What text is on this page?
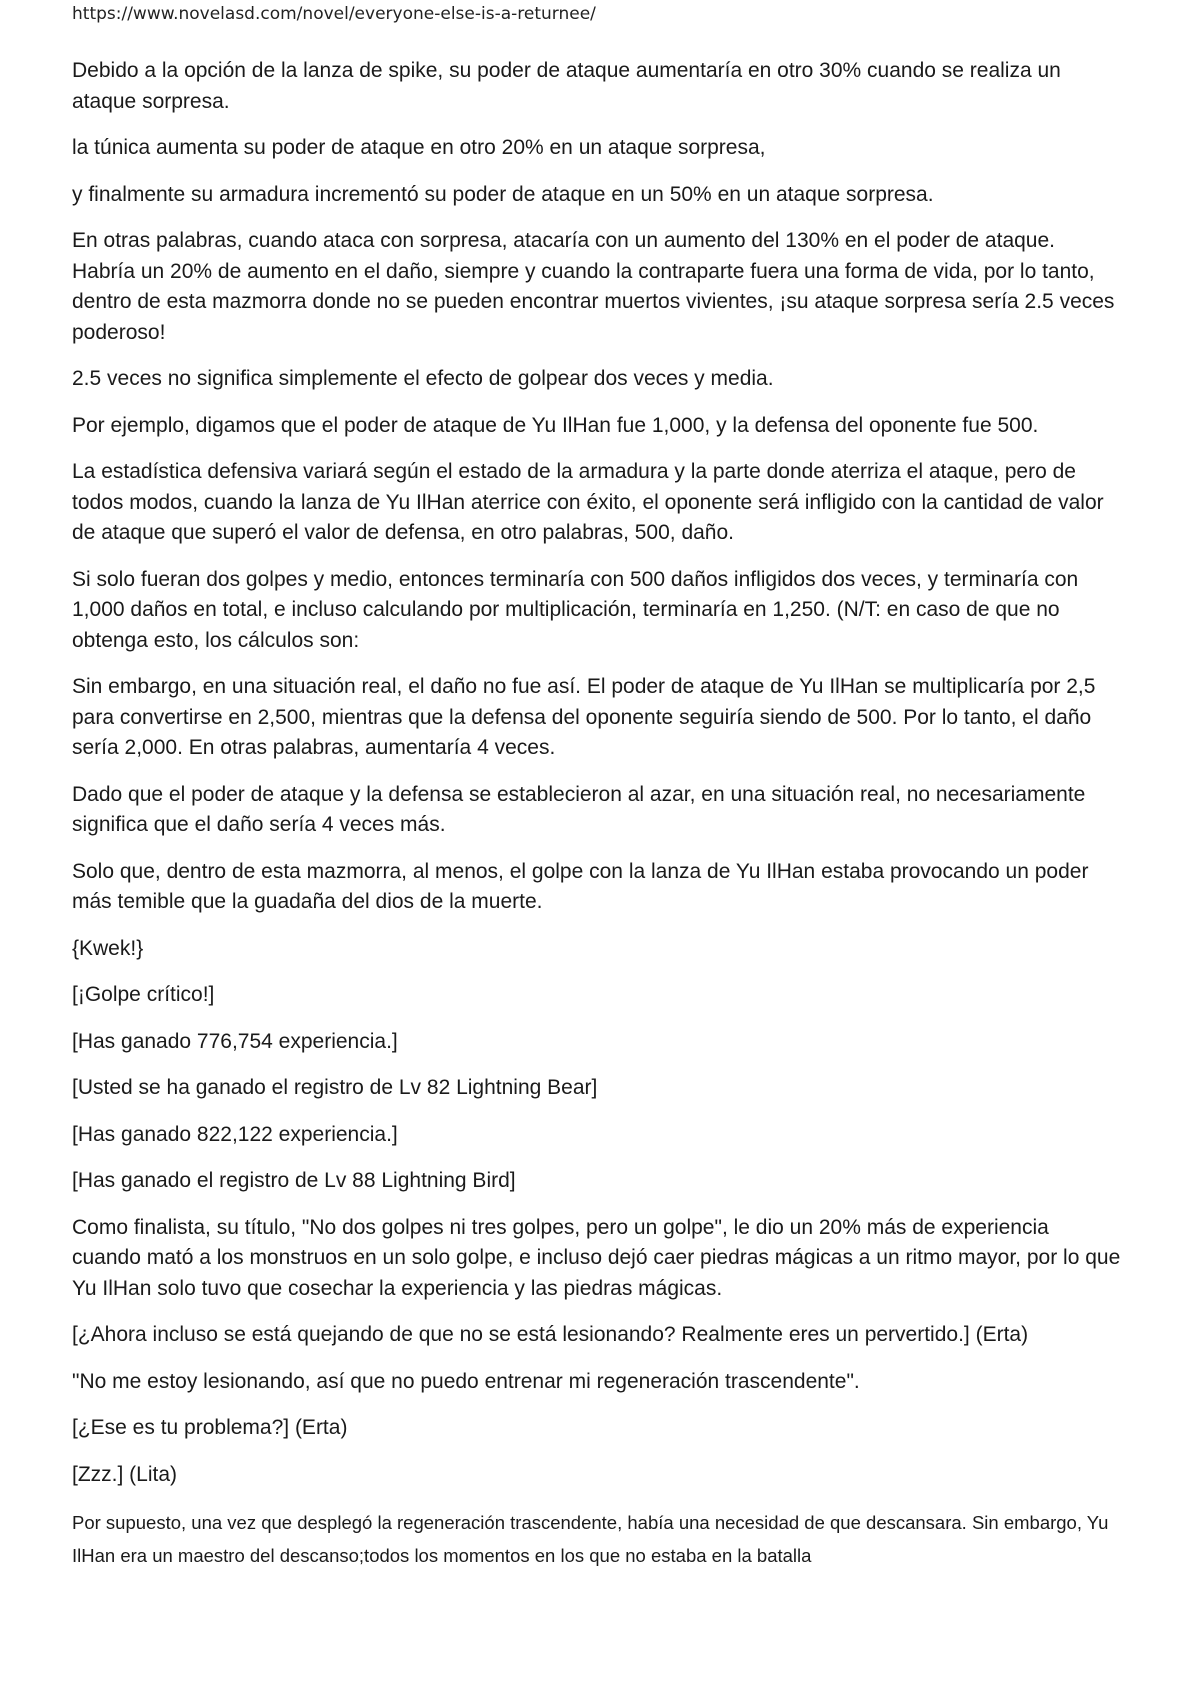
https://www.novelasd.com/novel/everyone-else-is-a-returnee/

Debido a la opción de la lanza de spike, su poder de ataque aumentaría en otro 30% cuando se realiza un ataque sorpresa.

la túnica aumenta su poder de ataque en otro 20% en un ataque sorpresa,

y finalmente su armadura incrementó su poder de ataque en un 50% en un ataque sorpresa.

En otras palabras, cuando ataca con sorpresa, atacaría con un aumento del 130% en el poder de ataque. Habría un 20% de aumento en el daño, siempre y cuando la contraparte fuera una forma de vida, por lo tanto, dentro de esta mazmorra donde no se pueden encontrar muertos vivientes, ¡su ataque sorpresa sería 2.5 veces poderoso!

2.5 veces no significa simplemente el efecto de golpear dos veces y media.

Por ejemplo, digamos que el poder de ataque de Yu IlHan fue 1,000, y la defensa del oponente fue 500.

La estadística defensiva variará según el estado de la armadura y la parte donde aterriza el ataque, pero de todos modos, cuando la lanza de Yu IlHan aterrice con éxito, el oponente será infligido con la cantidad de valor de ataque que superó el valor de defensa, en otro palabras, 500, daño.

Si solo fueran dos golpes y medio, entonces terminaría con 500 daños infligidos dos veces, y terminaría con 1,000 daños en total, e incluso calculando por multiplicación, terminaría en 1,250. (N/T: en caso de que no obtenga esto, los cálculos son:

Sin embargo, en una situación real, el daño no fue así. El poder de ataque de Yu IlHan se multiplicaría por 2,5 para convertirse en 2,500, mientras que la defensa del oponente seguiría siendo de 500. Por lo tanto, el daño sería 2,000. En otras palabras, aumentaría 4 veces.

Dado que el poder de ataque y la defensa se establecieron al azar, en una situación real, no necesariamente significa que el daño sería 4 veces más.

Solo que, dentro de esta mazmorra, al menos, el golpe con la lanza de Yu IlHan estaba provocando un poder más temible que la guadaña del dios de la muerte.

{Kwek!}

[¡Golpe crítico!]

[Has ganado 776,754 experiencia.]

[Usted se ha ganado el registro de Lv 82 Lightning Bear]

[Has ganado 822,122 experiencia.]

[Has ganado el registro de Lv 88 Lightning Bird]

Como finalista, su título, "No dos golpes ni tres golpes, pero un golpe", le dio un 20% más de experiencia cuando mató a los monstruos en un solo golpe, e incluso dejó caer piedras mágicas a un ritmo mayor, por lo que Yu IlHan solo tuvo que cosechar la experiencia y las piedras mágicas.

[¿Ahora incluso se está quejando de que no se está lesionando? Realmente eres un pervertido.] (Erta)

"No me estoy lesionando, así que no puedo entrenar mi regeneración trascendente".

[¿Ese es tu problema?] (Erta)

[Zzz.] (Lita)

Por supuesto, una vez que desplegó la regeneración trascendente, había una necesidad de que descansara. Sin embargo, Yu IlHan era un maestro del descanso;todos los momentos en los que no estaba en la batalla
